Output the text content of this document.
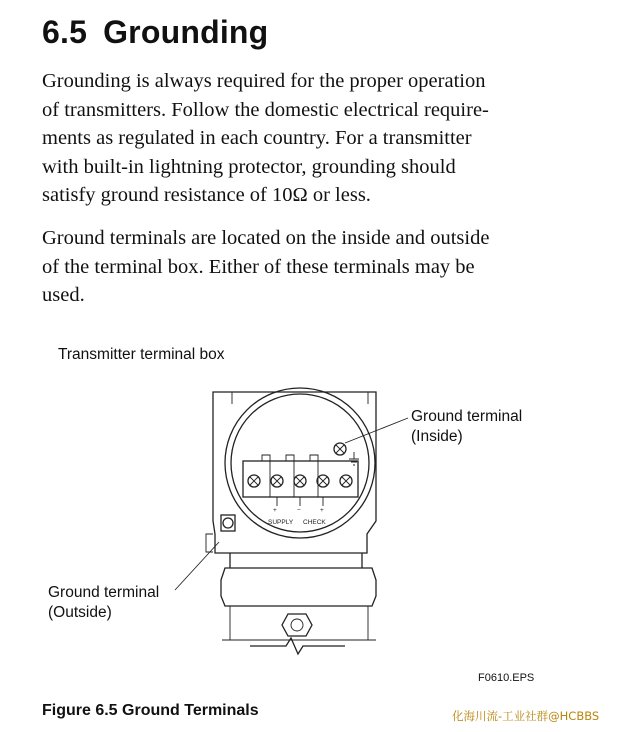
6.5 Grounding

Grounding is always required for the proper operation
of transmitters. Follow the domestic electrical require-
ments as regulated in each country. For a transmitter
with built-in lightning protector, grounding should
satisfy ground resistance of 10Ω or less.

Ground terminals are located on the inside and outside
of the terminal box. Either of these terminals may be
used.

+	−	+
SUPPLY CHECK
Transmitter terminal box
Ground terminal
(Inside)
Ground terminal
(Outside)
F0610.EPS
Figure 6.5 Ground Terminals	化海川流-工业社群@HCBBS
